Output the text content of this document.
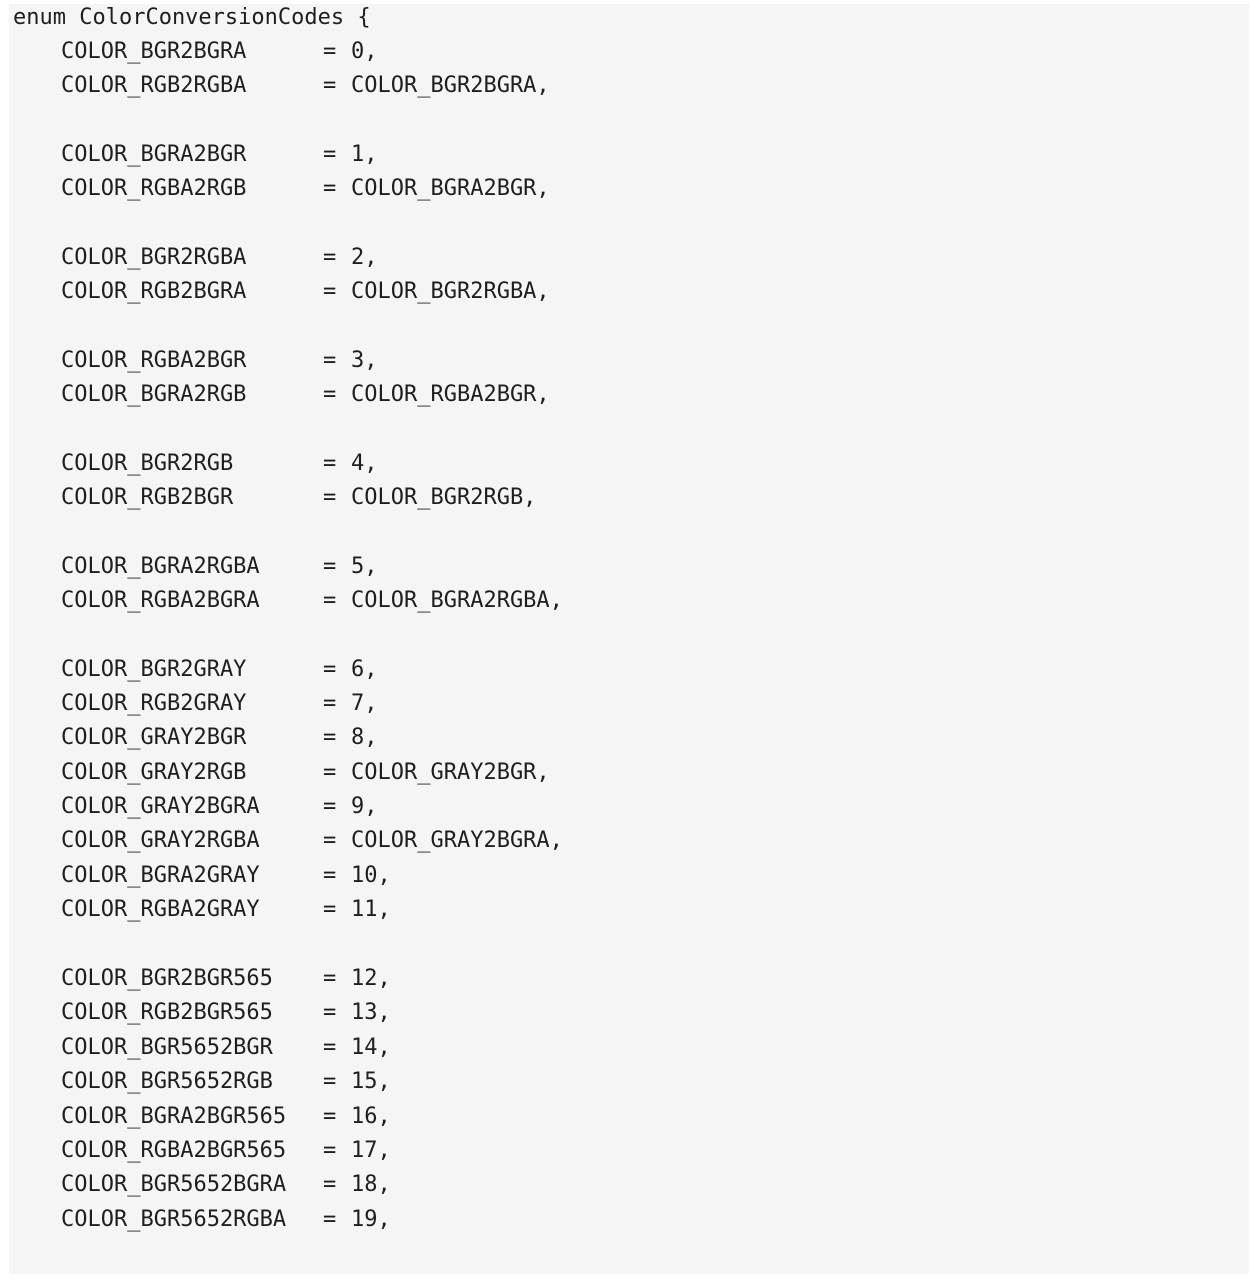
enum ColorConversionCodes {
COLOR_BGR2BGRA	= 0,
COLOR_RGB2RGBA	= COLOR_BGR2BGRA,
COLOR_BGRA2BGR	= 1,
COLOR_RGBA2RGB	= COLOR_BGRA2BGR,
COLOR_BGR2RGBA	= 2,
COLOR_RGB2BGRA	= COLOR_BGR2RGBA,
COLOR_RGBA2BGR	= 3,
COLOR_BGRA2RGB	= COLOR_RGBA2BGR,
COLOR_BGR2RGB	= 4,
COLOR_RGB2BGR	= COLOR_BGR2RGB,
COLOR_BGRA2RGBA	= 5,
COLOR_RGBA2BGRA	= COLOR_BGRA2RGBA,
COLOR_BGR2GRAY	= 6,
COLOR_RGB2GRAY	= 7,
COLOR_GRAY2BGR	= 8,
COLOR_GRAY2RGB	= COLOR_GRAY2BGR,
COLOR_GRAY2BGRA	= 9,
COLOR_GRAY2RGBA	= COLOR_GRAY2BGRA,
COLOR_BGRA2GRAY	= 10,
COLOR_RGBA2GRAY	= 11,
COLOR_BGR2BGR565 = 12,
COLOR_RGB2BGR565 = 13,
COLOR_BGR5652BGR = 14,
COLOR_BGR5652RGB = 15,
COLOR_BGRA2BGR565 = 16,
COLOR_RGBA2BGR565 = 17,
COLOR_BGR5652BGRA = 18,
COLOR_BGR5652RGBA = 19,
